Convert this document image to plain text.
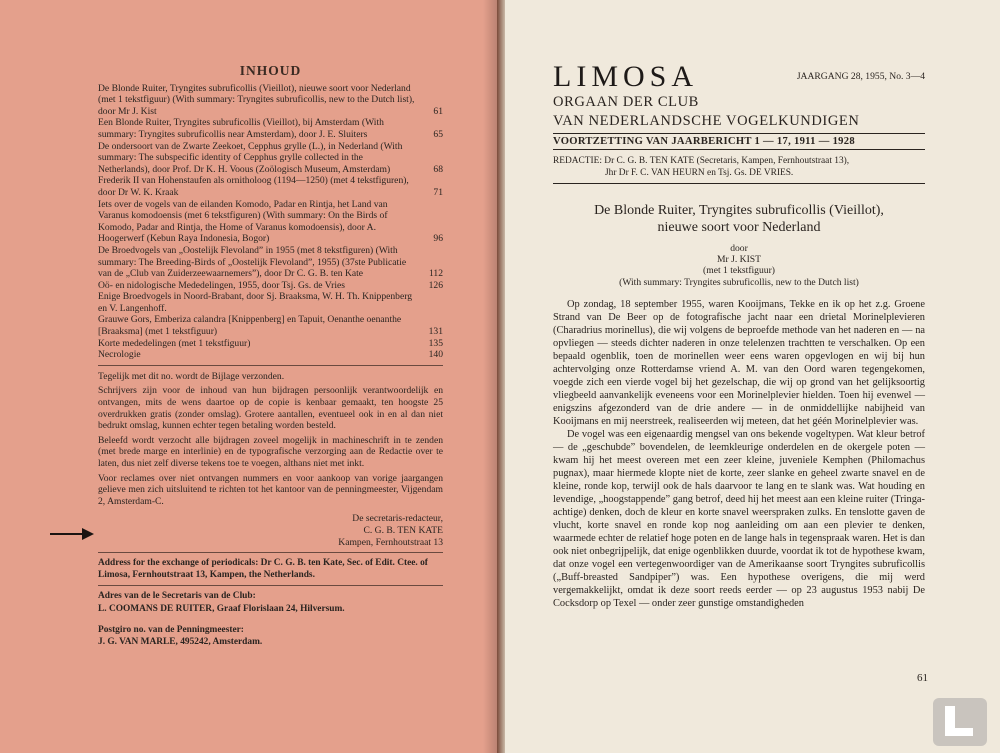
INHOUD
De Blonde Ruiter, Tryngites subruficollis (Vieillot), nieuwe soort voor Nederland (met 1 tekstfiguur) (With summary: Tryngites subruficollis, new to the Dutch list), door Mr J. Kist	61
Een Blonde Ruiter, Tryngites subruficollis (Vieillot), bij Amsterdam (With summary: Tryngites subruficollis near Amsterdam), door J. E. Sluiters	65
De ondersoort van de Zwarte Zeekoet, Cepphus grylle (L.), in Nederland (With summary: The subspecific identity of Cepphus grylle collected in the Netherlands), door Prof. Dr K. H. Voous (Zoölogisch Museum, Amsterdam)	68
Frederik II van Hohenstaufen als ornitholoog (1194—1250) (met 4 tekstfiguren), door Dr W. K. Kraak	71
Iets over de vogels van de eilanden Komodo, Padar en Rintja, het Land van Varanus komodoensis (met 6 tekstfiguren) (With summary: On the Birds of Komodo, Padar and Rintja, the Home of Varanus komodoensis), door A. Hoogerwerf (Kebun Raya Indonesia, Bogor)	96
De Broedvogels van „Oostelijk Flevoland” in 1955 (met 8 tekstfiguren) (With summary: The Breeding-Birds of „Oostelijk Flevoland”, 1955) (37ste Publicatie van de „Club van Zuiderzeewaarnemers”), door Dr C. G. B. ten Kate	112
Oö- en nidologische Mededelingen, 1955, door Tsj. Gs. de Vries	126
Enige Broedvogels in Noord-Brabant, door Sj. Braaksma, W. H. Th. Knippenberg en V. Langenhoff.
Grauwe Gors, Emberiza calandra [Knippenberg] en Tapuit, Oenanthe oenanthe [Braaksma] (met 1 tekstfiguur)	131
Korte mededelingen (met 1 tekstfiguur)	135
Necrologie	140
Tegelijk met dit no. wordt de Bijlage verzonden.
Schrijvers zijn voor de inhoud van hun bijdragen persoonlijk verantwoordelijk en ontvangen, mits de wens daartoe op de copie is kenbaar gemaakt, ten hoogste 25 overdrukken gratis (zonder omslag). Grotere aantallen, eventueel ook in en al dan niet bedrukt omslag, kunnen echter tegen betaling worden besteld.
Beleefd wordt verzocht alle bijdragen zoveel mogelijk in machineschrift in te zenden (met brede marge en interlinie) en de typografische verzorging aan de Redactie over te laten, dus niet zelf diverse tekens toe te voegen, althans niet met inkt.
Voor reclames over niet ontvangen nummers en voor aankoop van vorige jaargangen gelieve men zich uitsluitend te richten tot het kantoor van de penningmeester, Vijgendam 2, Amsterdam-C.
De secretaris-redacteur,
C. G. B. TEN KATE
Kampen, Fernhoutstraat 13
Address for the exchange of periodicals: Dr C. G. B. ten Kate, Sec. of Edit. Ctee. of Limosa, Fernhoutstraat 13, Kampen, the Netherlands.
Adres van de le Secretaris van de Club:
L. COOMANS DE RUITER, Graaf Florislaan 24, Hilversum.
Postgiro no. van de Penningmeester:
J. G. VAN MARLE, 495242, Amsterdam.
LIMOSA	JAARGANG 28, 1955, No. 3—4
ORGAAN DER CLUB
VAN NEDERLANDSCHE VOGELKUNDIGEN
VOORTZETTING VAN JAARBERICHT 1 — 17, 1911 — 1928
REDACTIE: Dr C. G. B. TEN KATE (Secretaris, Kampen, Fernhoutstraat 13),
Jhr Dr F. C. VAN HEURN en Tsj. Gs. DE VRIES.
De Blonde Ruiter, Tryngites subruficollis (Vieillot),
nieuwe soort voor Nederland
door
Mr J. KIST
(met 1 tekstfiguur)
(With summary: Tryngites subruficollis, new to the Dutch list)

Op zondag, 18 september 1955, waren Kooijmans, Tekke en ik op het z.g. Groene Strand van De Beer op de fotografische jacht naar een drietal Morinelplevieren (Charadrius morinellus), die wij volgens de beproefde methode van het naderen en — na opvliegen — steeds dichter naderen in onze telelenzen trachtten te verschalken. Op een bepaald ogenblik, toen de morinellen weer eens waren opgevlogen en wij bij hun achtervolging onze Rotterdamse vriend A. M. van den Oord waren tegengekomen, voegde zich een vierde vogel bij het gezelschap, die wij op grond van het gelijksoortig vliegbeeld aanvankelijk eveneens voor een Morinelplevier hielden. Toen hij evenwel — enigszins afgezonderd van de drie andere — in de onmiddellijke nabijheid van Kooijmans en mij neerstreek, realiseerden wij meteen, dat het géén Morinelplevier was.

De vogel was een eigenaardig mengsel van ons bekende vogeltypen. Wat kleur betrof — de „geschubde” bovendelen, de leemkleurige onderdelen en de okergele poten — kwam hij het meest overeen met een zeer kleine, juveniele Kemphen (Philomachus pugnax), maar hiermede klopte niet de korte, zeer slanke en geheel zwarte snavel en de kleine, ronde kop, terwijl ook de hals daarvoor te lang en te slank was. Wat houding en levendige, „hoogstappende” gang betrof, deed hij het meest aan een kleine ruiter (Tringa-achtige) denken, doch de kleur en korte snavel weerspraken zulks. En tenslotte gaven de vlucht, korte snavel en ronde kop nog aanleiding om aan een plevier te denken, waarmede echter de relatief hoge poten en de lange hals in tegenspraak waren. Het is dan ook niet onbegrijpelijk, dat enige ogenblikken duurde, voordat ik tot de hypothese kwam, dat onze vogel een vertegenwoordiger van de Amerikaanse soort Tryngites subruficollis („Buff-breasted Sandpiper”) was. Een hypothese overigens, die mij werd vergemakkelijkt, omdat ik deze soort reeds eerder — op 23 augustus 1953 nabij De Cocksdorp op Texel — onder zeer gunstige omstandigheden

61
